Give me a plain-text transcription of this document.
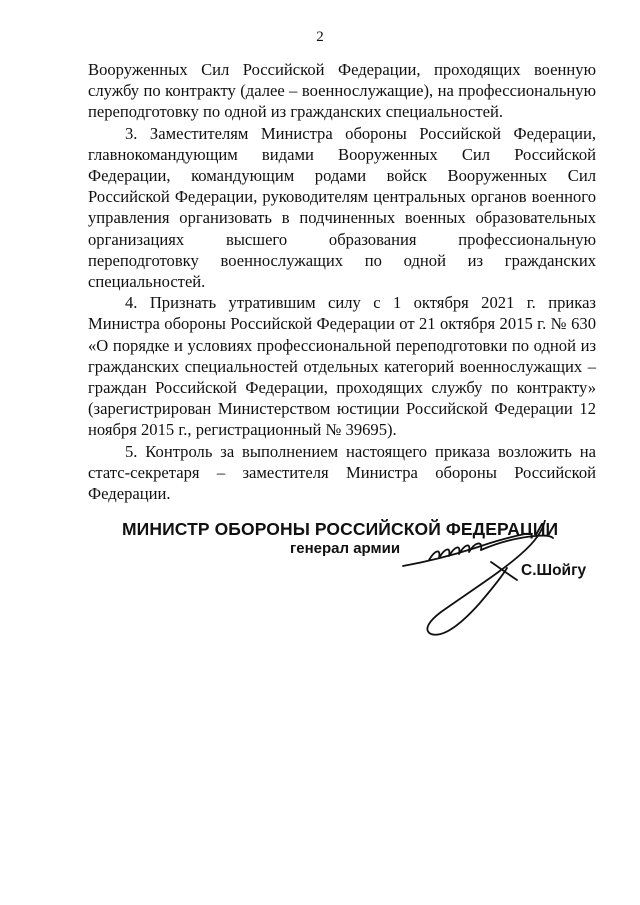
2

Вооруженных Сил Российской Федерации, проходящих военную службу по контракту (далее – военнослужащие), на профессиональную переподготовку по одной из гражданских специальностей.

3. Заместителям Министра обороны Российской Федерации, главнокомандующим видами Вооруженных Сил Российской Федерации, командующим родами войск Вооруженных Сил Российской Федерации, руководителям центральных органов военного управления организовать в подчиненных военных образовательных организациях высшего образования профессиональную переподготовку военнослужащих по одной из гражданских специальностей.

4. Признать утратившим силу с 1 октября 2021 г. приказ Министра обороны Российской Федерации от 21 октября 2015 г. № 630 «О порядке и условиях профессиональной переподготовки по одной из гражданских специальностей отдельных категорий военнослужащих – граждан Российской Федерации, проходящих службу по контракту» (зарегистрирован Министерством юстиции Российской Федерации 12 ноября 2015 г., регистрационный № 39695).

5. Контроль за выполнением настоящего приказа возложить на статс-секретаря – заместителя Министра обороны Российской Федерации.

МИНИСТР ОБОРОНЫ РОССИЙСКОЙ ФЕДЕРАЦИИ
генерал армии
С.Шойгу
